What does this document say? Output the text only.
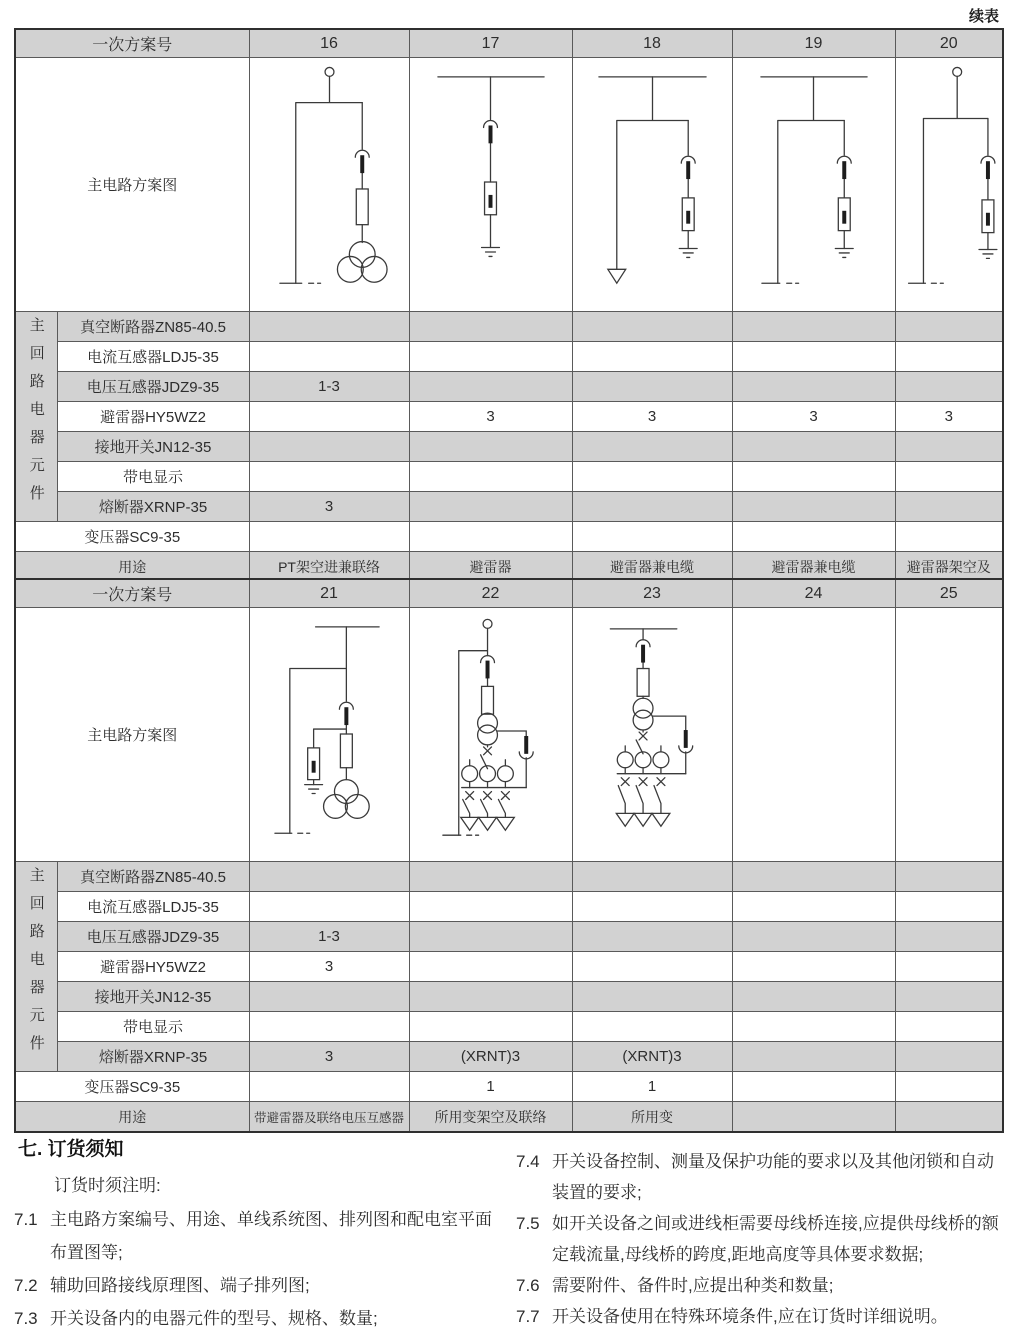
续表
一次方案号		16	17	18	19	20
主电路方案图	

主回路电器元件	真空断路器ZN85-40.5					
	电流互感器LDJ5-35					
	电压互感器JDZ9-35	1-3				
	避雷器HY5WZ2		3	3	3	3
	接地开关JN12-35					
	带电显示					
	熔断器XRNP-35	3				
变压器SC9-35						
用途		PT架空进兼联络	避雷器	避雷器兼电缆	避雷器兼电缆	避雷器架空及
一次方案号		21	22	23	24	25
主电路方案图	

主回路电器元件	真空断路器ZN85-40.5					
	电流互感器LDJ5-35					
	电压互感器JDZ9-35	1-3				
	避雷器HY5WZ2	3				
	接地开关JN12-35					
	带电显示					
	熔断器XRNP-35	3	(XRNT)3	(XRNT)3		
变压器SC9-35			1	1		
用途		带避雷器及联络电压互感器	所用变架空及联络	所用变		
七. 订货须知

订货时须注明:

7.1 主电路方案编号、用途、单线系统图、排列图和配电室平面布置图等;
7.2 辅助回路接线原理图、端子排列图;
7.3 开关设备内的电器元件的型号、规格、数量;
7.4 开关设备控制、测量及保护功能的要求以及其他闭锁和自动装置的要求;
7.5 如开关设备之间或进线柜需要母线桥连接,应提供母线桥的额定载流量,母线桥的跨度,距地高度等具体要求数据;
7.6 需要附件、备件时,应提出种类和数量;
7.7 开关设备使用在特殊环境条件,应在订货时详细说明。
